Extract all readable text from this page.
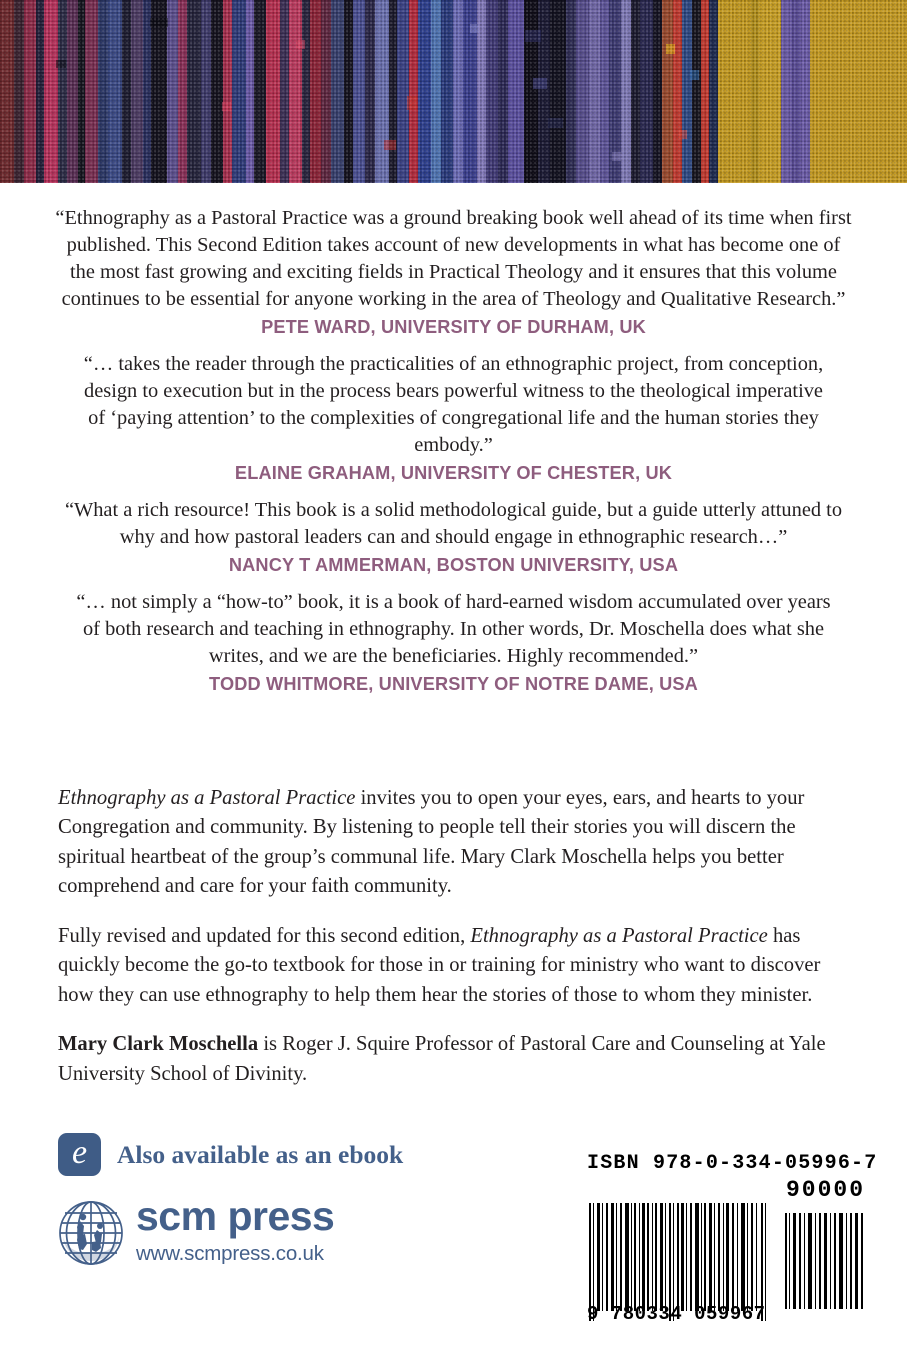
“Ethnography as a Pastoral Practice was a ground breaking book well ahead of its time when first published. This Second Edition takes account of new developments in what has become one of the most fast growing and exciting fields in Practical Theology and it ensures that this volume continues to be essential for anyone working in the area of Theology and Qualitative Research.”

PETE WARD, UNIVERSITY OF DURHAM, UK

“… takes the reader through the practicalities of an ethnographic project, from conception, design to execution but in the process bears powerful witness to the theological imperative of ‘paying attention’ to the complexities of congregational life and the human stories they embody.”

ELAINE GRAHAM, UNIVERSITY OF CHESTER, UK

“What a rich resource! This book is a solid methodological guide, but a guide utterly attuned to why and how pastoral leaders can and should engage in ethnographic research…”

NANCY T AMMERMAN, BOSTON UNIVERSITY, USA

“… not simply a “how-to” book, it is a book of hard-earned wisdom accumulated over years of both research and teaching in ethnography. In other words, Dr. Moschella does what she writes, and we are the beneficiaries. Highly recommended.”

TODD WHITMORE, UNIVERSITY OF NOTRE DAME, USA

Ethnography as a Pastoral Practice invites you to open your eyes, ears, and hearts to your Congregation and community. By listening to people tell their stories you will discern the spiritual heartbeat of the group’s communal life. Mary Clark Moschella helps you better comprehend and care for your faith community.

Fully revised and updated for this second edition, Ethnography as a Pastoral Practice has quickly become the go-to textbook for those in or training for ministry who want to discover how they can use ethnography to help them hear the stories of those to whom they minister.

Mary Clark Moschella is Roger J. Squire Professor of Pastoral Care and Counseling at Yale University School of Divinity.

e	Also available as an ebook
scm press
www.scmpress.co.uk
ISBN 978-0-334-05996-7
90000
9 780334 059967
